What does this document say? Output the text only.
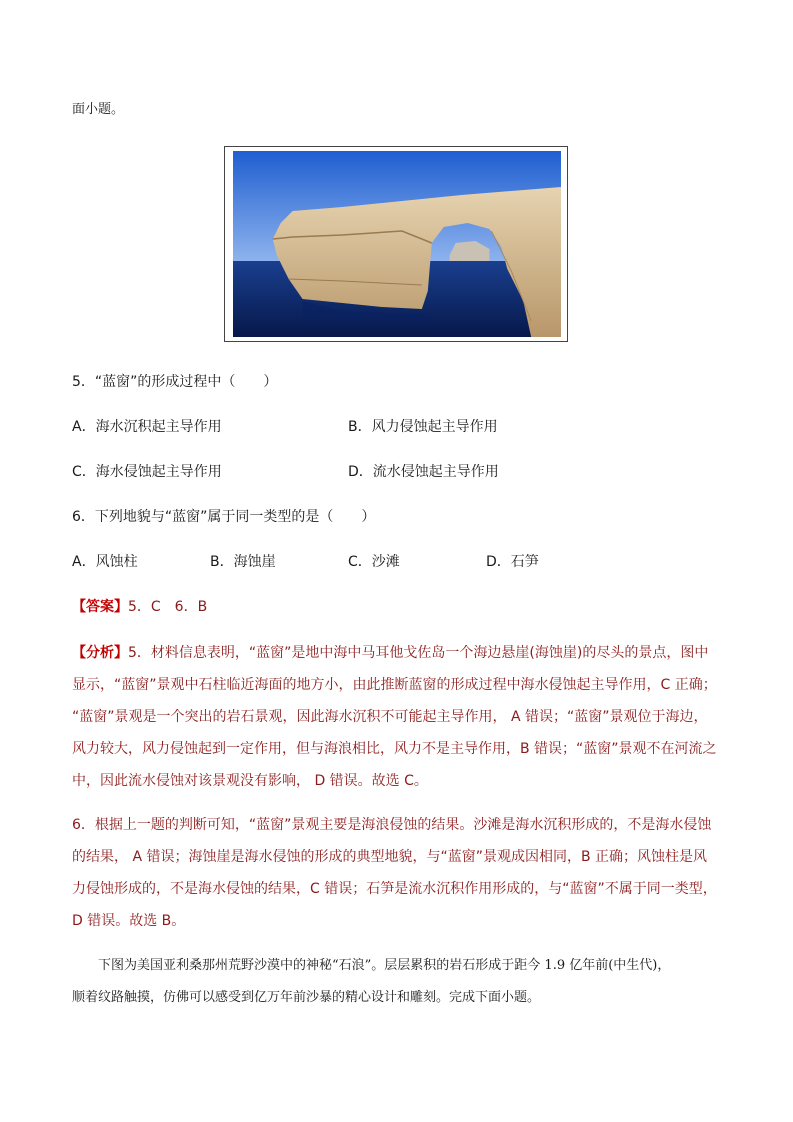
面小题。
5．“蓝窗”的形成过程中（　　）
A．海水沉积起主导作用	B．风力侵蚀起主导作用
C．海水侵蚀起主导作用	D．流水侵蚀起主导作用
6．下列地貌与“蓝窗”属于同一类型的是（　　）
A．风蚀柱	B．海蚀崖	C．沙滩	D．石笋
【答案】5．C　6．B
【分析】5．材料信息表明，“蓝窗”是地中海中马耳他戈佐岛一个海边悬崖(海蚀崖)的尽头的景点，图中
显示，“蓝窗”景观中石柱临近海面的地方小，由此推断蓝窗的形成过程中海水侵蚀起主导作用，C 正确；
“蓝窗”景观是一个突出的岩石景观，因此海水沉积不可能起主导作用， A 错误；“蓝窗”景观位于海边，
风力较大，风力侵蚀起到一定作用，但与海浪相比，风力不是主导作用，B 错误；“蓝窗”景观不在河流之
中，因此流水侵蚀对该景观没有影响， D 错误。故选 C。
6．根据上一题的判断可知，“蓝窗”景观主要是海浪侵蚀的结果。沙滩是海水沉积形成的，不是海水侵蚀
的结果， A 错误；海蚀崖是海水侵蚀的形成的典型地貌，与“蓝窗”景观成因相同，B 正确；风蚀柱是风
力侵蚀形成的，不是海水侵蚀的结果，C 错误；石笋是流水沉积作用形成的，与“蓝窗”不属于同一类型，
D 错误。故选 B。
　　下图为美国亚利桑那州荒野沙漠中的神秘“石浪”。层层累积的岩石形成于距今 1.9 亿年前(中生代)，
顺着纹路触摸，仿佛可以感受到亿万年前沙暴的精心设计和雕刻。完成下面小题。
